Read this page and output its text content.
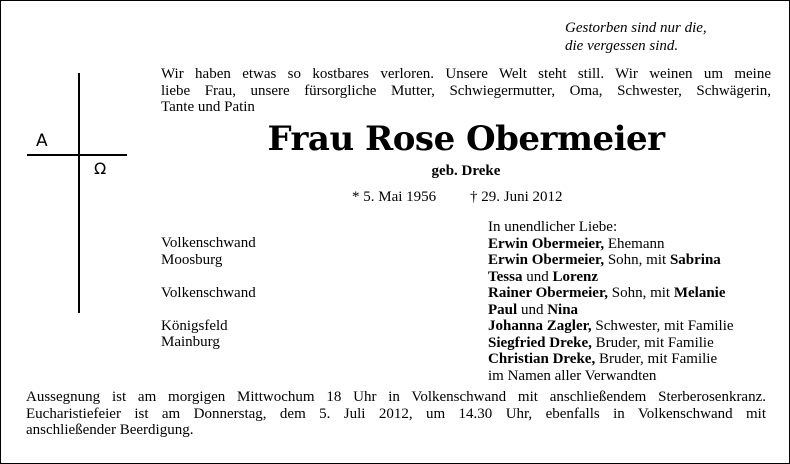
Gestorben sind nur die,
die vergessen sind.
A
Ω
Wir haben etwas so kostbares verloren. Unsere Welt steht still. Wir weinen um meine
liebe Frau, unsere fürsorgliche Mutter, Schwiegermutter, Oma, Schwester, Schwägerin,
Tante und Patin
Frau Rose Obermeier
geb. Dreke
* 5. Mai 1956 † 29. Juni 2012
Volkenschwand
Moosburg
Volkenschwand
Königsfeld
Mainburg
In unendlicher Liebe:
Erwin Obermeier, Ehemann
Erwin Obermeier, Sohn, mit Sabrina
Tessa und Lorenz
Rainer Obermeier, Sohn, mit Melanie
Paul und Nina
Johanna Zagler, Schwester, mit Familie
Siegfried Dreke, Bruder, mit Familie
Christian Dreke, Bruder, mit Familie
im Namen aller Verwandten
Aussegnung ist am morgigen Mittwochum 18 Uhr in Volkenschwand mit anschließendem Sterberosenkranz.
Eucharistiefeier ist am Donnerstag, dem 5. Juli 2012, um 14.30 Uhr, ebenfalls in Volkenschwand mit
anschließender Beerdigung.
